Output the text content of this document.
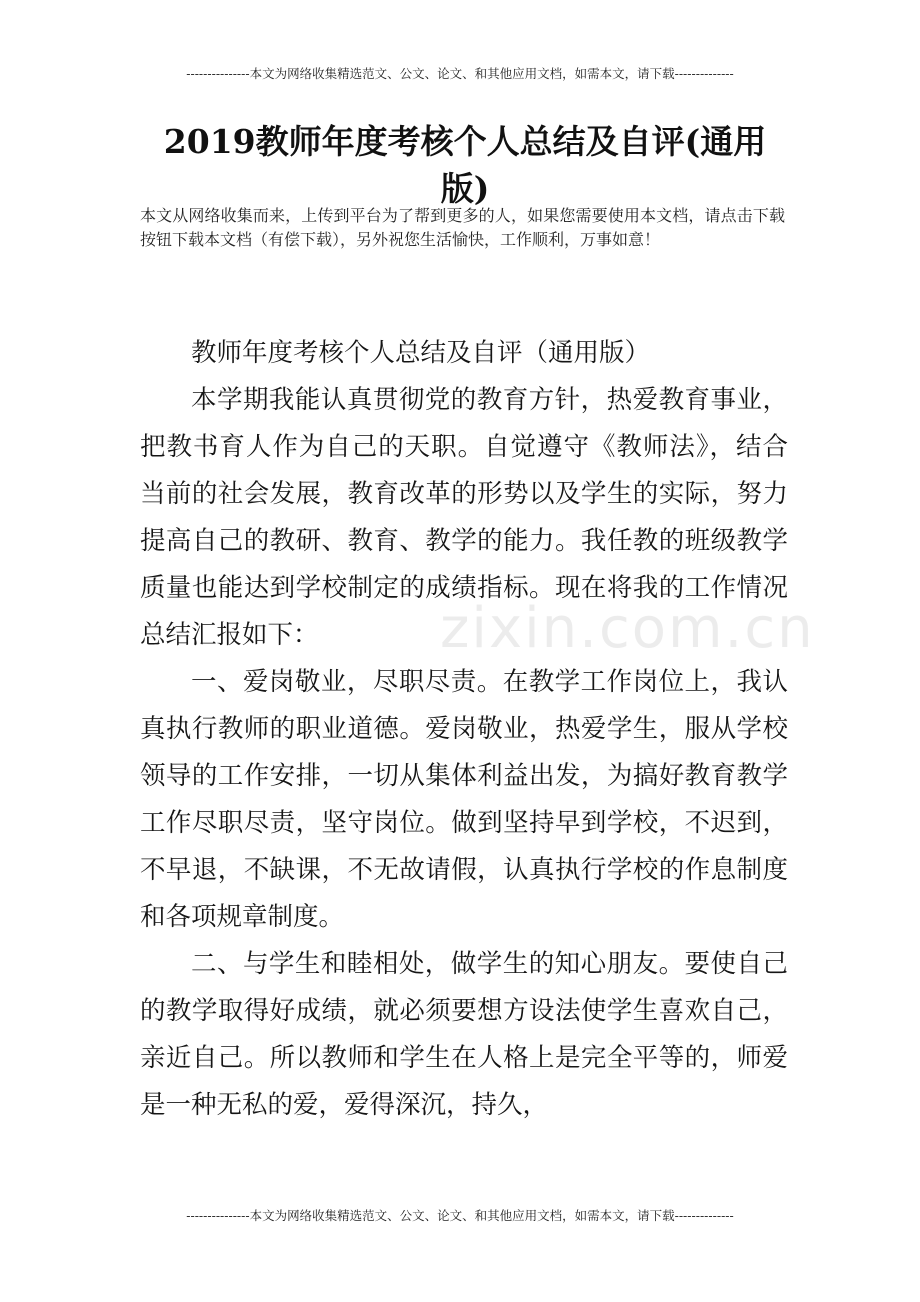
---------------本文为网络收集精选范文、公文、论文、和其他应用文档，如需本文，请下载--------------
2019教师年度考核个人总结及自评(通用版)
本文从网络收集而来，上传到平台为了帮到更多的人，如果您需要使用本文档，请点击下载按钮下载本文档（有偿下载），另外祝您生活愉快，工作顺利，万事如意！

教师年度考核个人总结及自评（通用版）

本学期我能认真贯彻党的教育方针，热爱教育事业，把教书育人作为自己的天职。自觉遵守《教师法》，结合当前的社会发展，教育改革的形势以及学生的实际，努力提高自己的教研、教育、教学的能力。我任教的班级教学质量也能达到学校制定的成绩指标。现在将我的工作情况总结汇报如下：

一、爱岗敬业，尽职尽责。在教学工作岗位上，我认真执行教师的职业道德。爱岗敬业，热爱学生，服从学校领导的工作安排，一切从集体利益出发，为搞好教育教学工作尽职尽责，坚守岗位。做到坚持早到学校，不迟到，不早退，不缺课，不无故请假，认真执行学校的作息制度和各项规章制度。

二、与学生和睦相处，做学生的知心朋友。要使自己的教学取得好成绩，就必须要想方设法使学生喜欢自己，亲近自己。所以教师和学生在人格上是完全平等的，师爱是一种无私的爱，爱得深沉，持久，

zixin.com.cn
---------------本文为网络收集精选范文、公文、论文、和其他应用文档，如需本文，请下载--------------
